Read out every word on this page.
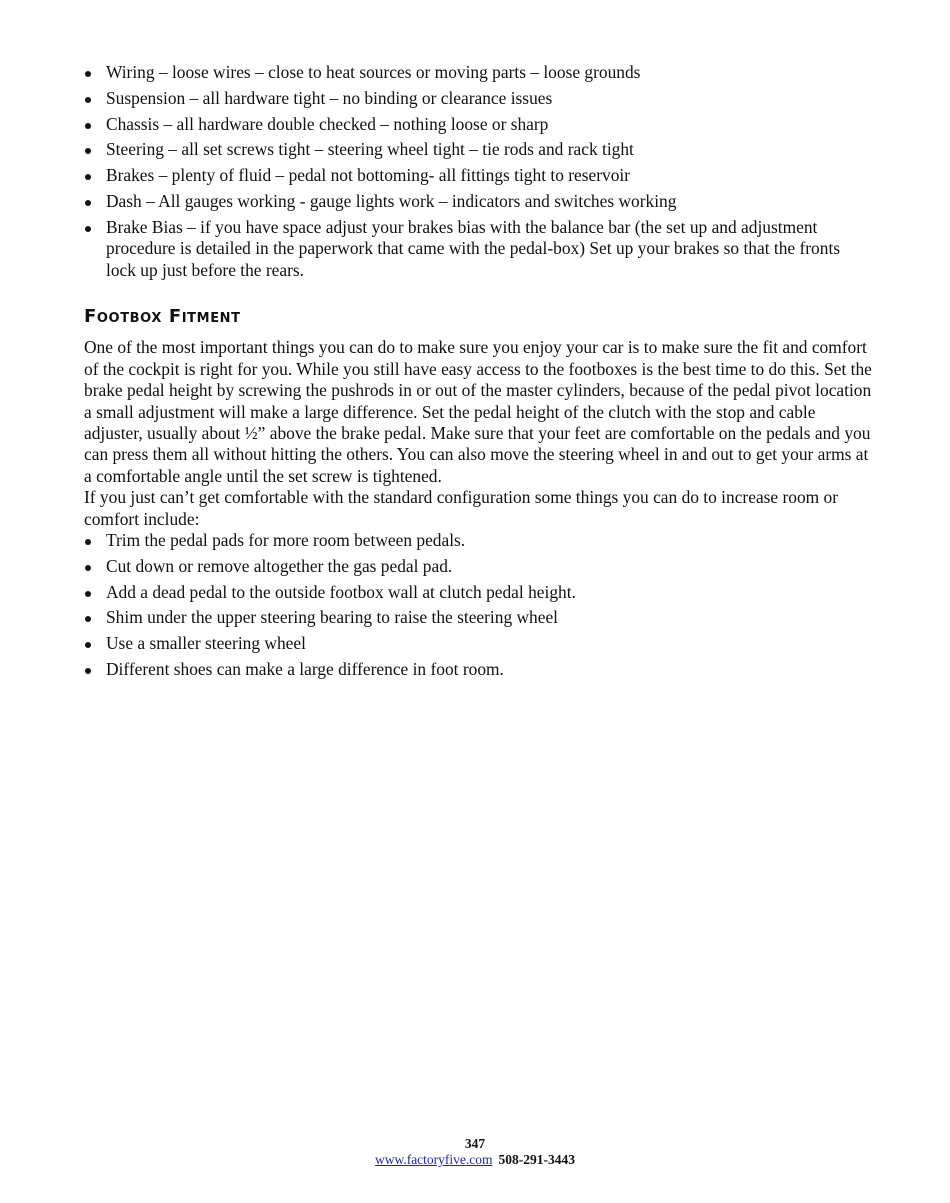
Wiring – loose wires – close to heat sources or moving parts – loose grounds
Suspension – all hardware tight – no binding or clearance issues
Chassis – all hardware double checked – nothing loose or sharp
Steering – all set screws tight – steering wheel tight – tie rods and rack tight
Brakes – plenty of fluid – pedal not bottoming- all fittings tight to reservoir
Dash – All gauges working - gauge lights work – indicators and switches working
Brake Bias – if you have space adjust your brakes bias with the balance bar (the set up and adjustment procedure is detailed in the paperwork that came with the pedal-box) Set up your brakes so that the fronts lock up just before the rears.
Footbox Fitment

One of the most important things you can do to make sure you enjoy your car is to make sure the fit and comfort of the cockpit is right for you. While you still have easy access to the footboxes is the best time to do this. Set the brake pedal height by screwing the pushrods in or out of the master cylinders, because of the pedal pivot location a small adjustment will make a large difference. Set the pedal height of the clutch with the stop and cable adjuster, usually about ½” above the brake pedal. Make sure that your feet are comfortable on the pedals and you can press them all without hitting the others. You can also move the steering wheel in and out to get your arms at a comfortable angle until the set screw is tightened.

If you just can’t get comfortable with the standard configuration some things you can do to increase room or comfort include:

Trim the pedal pads for more room between pedals.
Cut down or remove altogether the gas pedal pad.
Add a dead pedal to the outside footbox wall at clutch pedal height.
Shim under the upper steering bearing to raise the steering wheel
Use a smaller steering wheel
Different shoes can make a large difference in foot room.
347
www.factoryfive.com 508-291-3443
